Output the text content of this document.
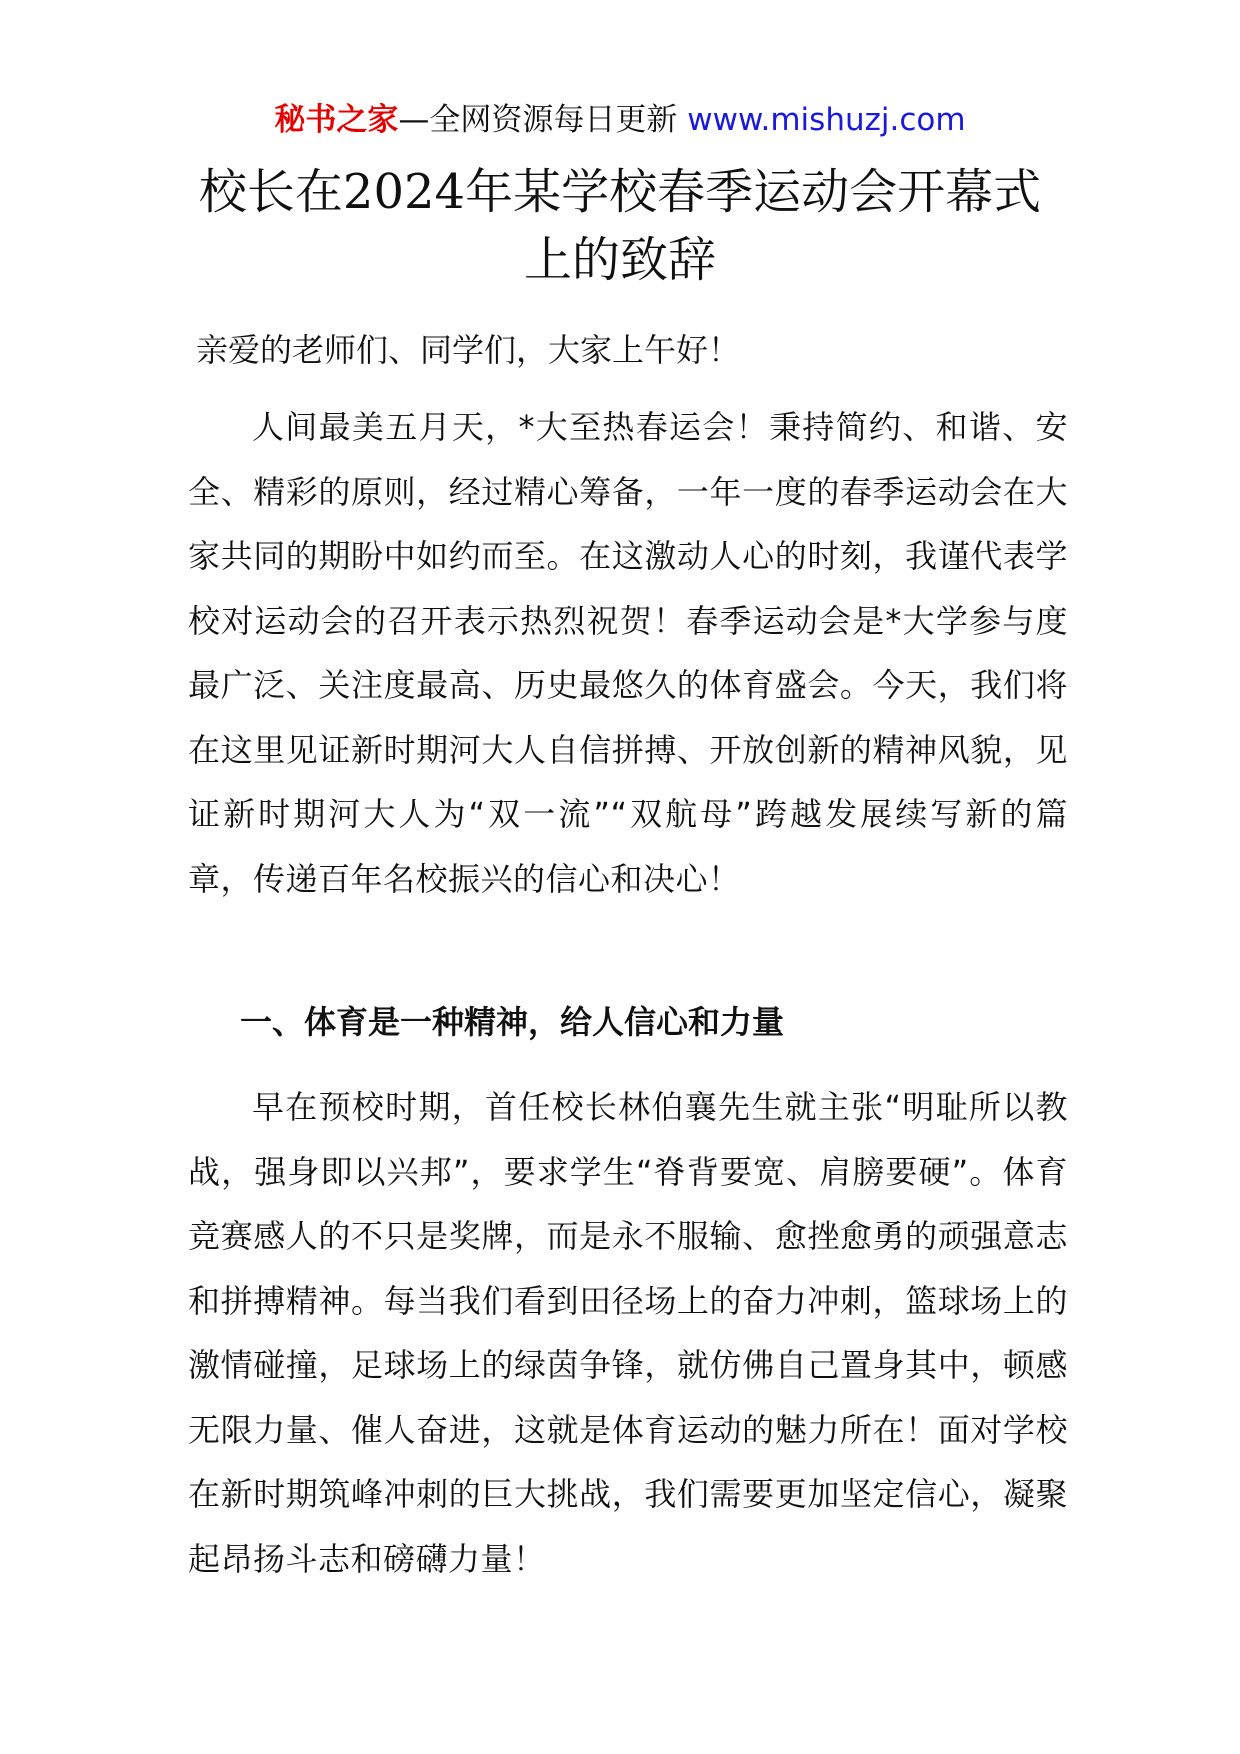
秘书之家—全网资源每日更新 www.mishuzj.com
校长在2024年某学校春季运动会开幕式上的致辞
亲爱的老师们、同学们，大家上午好！

人间最美五月天，*大至热春运会！秉持简约、和谐、安全、精彩的原则，经过精心筹备，一年一度的春季运动会在大家共同的期盼中如约而至。在这激动人心的时刻，我谨代表学校对运动会的召开表示热烈祝贺！春季运动会是*大学参与度最广泛、关注度最高、历史最悠久的体育盛会。今天，我们将在这里见证新时期河大人自信拼搏、开放创新的精神风貌，见证新时期河大人为“双一流”“双航母”跨越发展续写新的篇章，传递百年名校振兴的信心和决心！

一、体育是一种精神，给人信心和力量

早在预校时期，首任校长林伯襄先生就主张“明耻所以教战，强身即以兴邦”，要求学生“脊背要宽、肩膀要硬”。体育竞赛感人的不只是奖牌，而是永不服输、愈挫愈勇的顽强意志和拼搏精神。每当我们看到田径场上的奋力冲刺，篮球场上的激情碰撞，足球场上的绿茵争锋，就仿佛自己置身其中，顿感无限力量、催人奋进，这就是体育运动的魅力所在！面对学校在新时期筑峰冲刺的巨大挑战，我们需要更加坚定信心，凝聚起昂扬斗志和磅礴力量！
